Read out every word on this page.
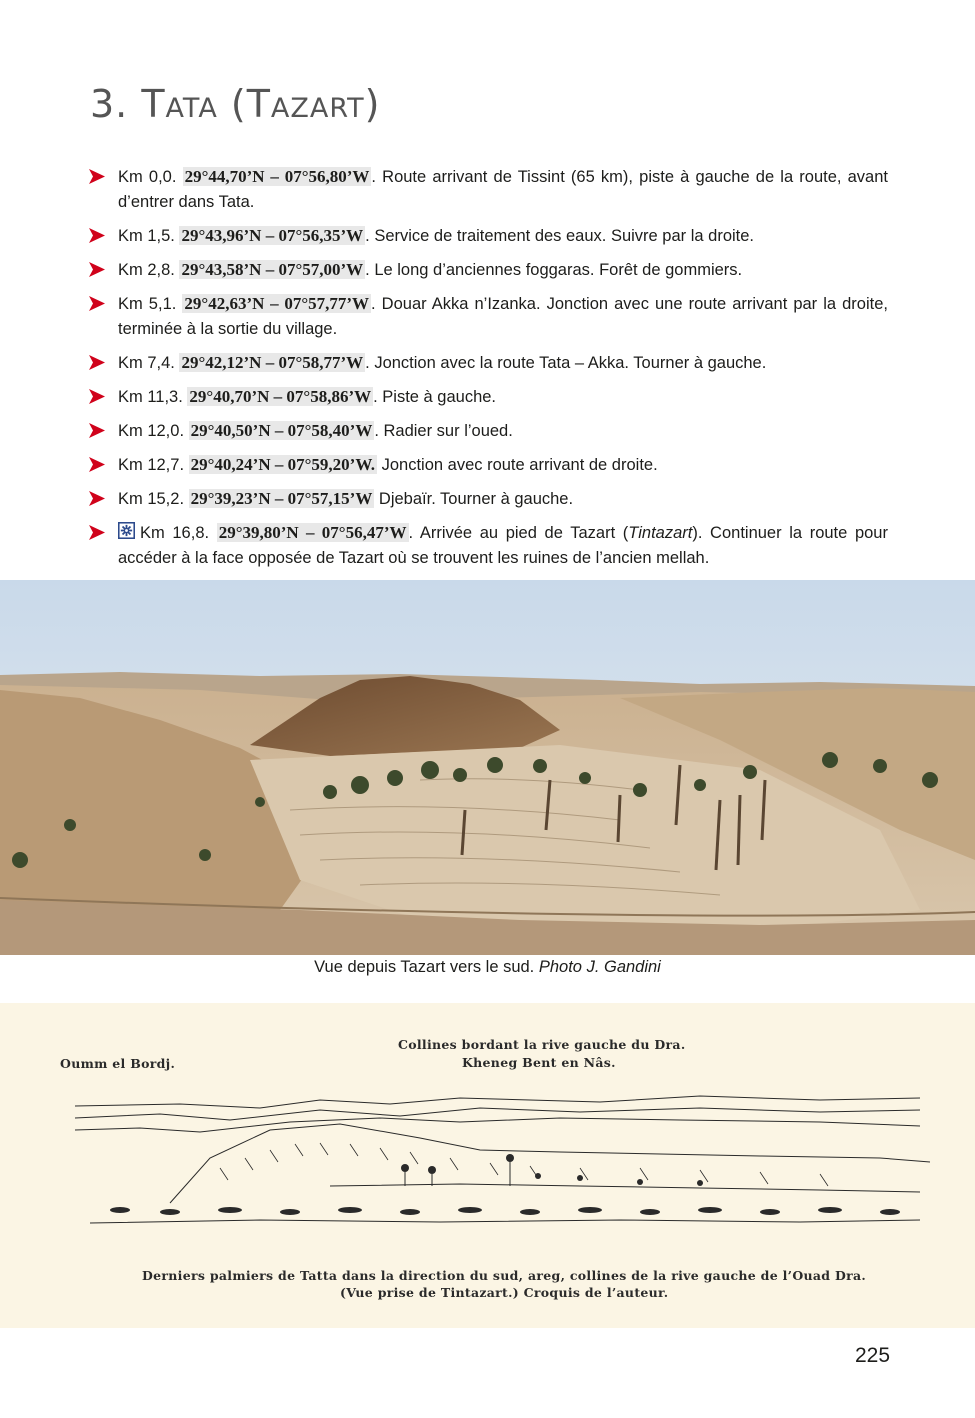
3. Tata (Tazart)
Km 0,0. 29°44,70’N – 07°56,80’W . Route arrivant de Tissint (65 km), piste à gauche de la route, avant d’entrer dans Tata.
Km 1,5. 29°43,96’N – 07°56,35’W . Service de traitement des eaux. Suivre par la droite.
Km 2,8. 29°43,58’N – 07°57,00’W . Le long d’anciennes foggaras. Forêt de gommiers.
Km 5,1. 29°42,63’N – 07°57,77’W . Douar Akka n’Izanka. Jonction avec une route arrivant par la droite, terminée à la sortie du village.
Km 7,4. 29°42,12’N – 07°58,77’W . Jonction avec la route Tata – Akka. Tourner à gauche.
Km 11,3. 29°40,70’N – 07°58,86’W . Piste à gauche.
Km 12,0. 29°40,50’N – 07°58,40’W . Radier sur l’oued.
Km 12,7. 29°40,24’N – 07°59,20’W. Jonction avec route arrivant de droite.
Km 15,2. 29°39,23’N – 07°57,15’W Djebaïr. Tourner à gauche.
Km 16,8. 29°39,80’N – 07°56,47’W . Arrivée au pied de Tazart (Tintazart). Continuer la route pour accéder à la face opposée de Tazart où se trouvent les ruines de l’ancien mellah.
Vue depuis Tazart vers le sud. Photo J. Gandini
Oumm el Bordj.
Collines bordant la rive gauche du Dra.
Kheneg Bent en Nâs.
Derniers palmiers de Tatta dans la direction du sud, areg, collines de la rive gauche de l’Ouad Dra.
(Vue prise de Tintazart.) Croquis de l’auteur.
225
